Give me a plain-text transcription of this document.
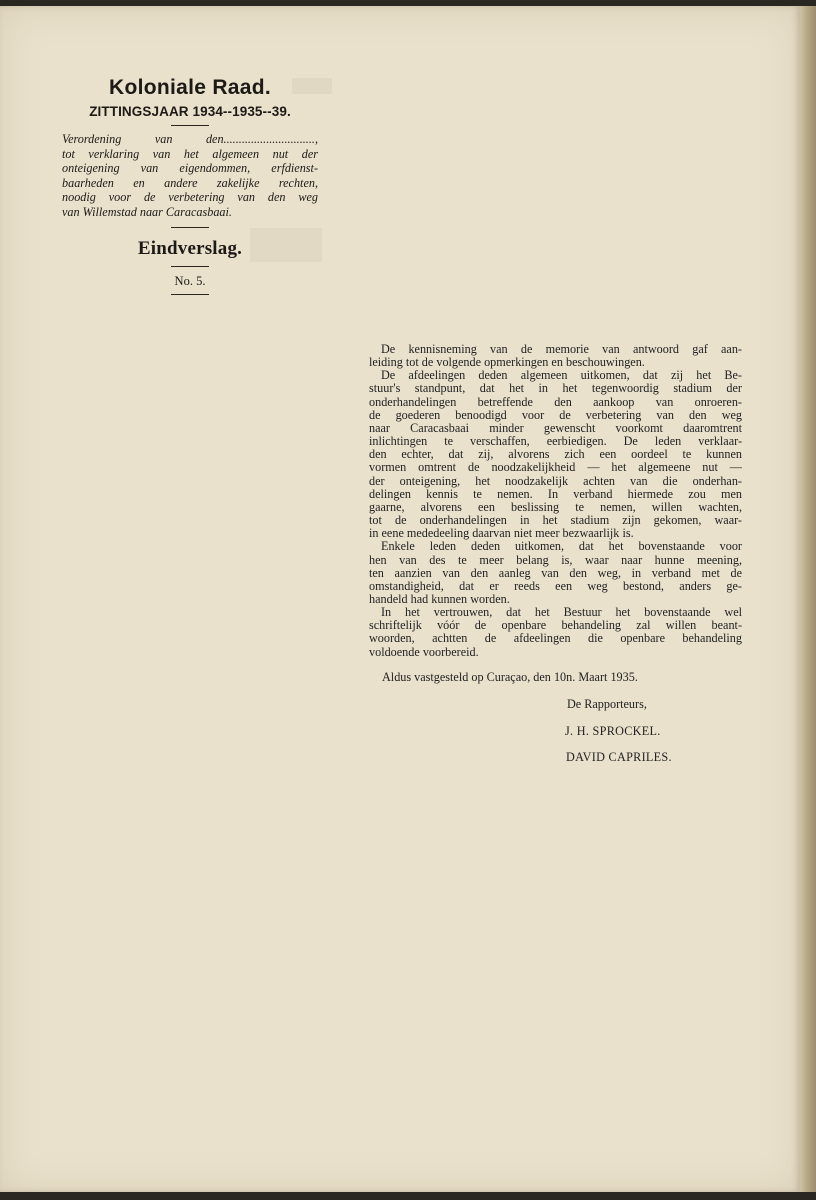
Koloniale Raad.
ZITTINGSJAAR 1934--1935--39.
Verordening van den..............................,
tot verklaring van het algemeen nut der
onteigening van eigendommen, erfdienst-
baarheden en andere zakelijke rechten,
noodig voor de verbetering van den weg
van Willemstad naar Caracasbaai.
Eindverslag.
No. 5.
De kennisneming van de memorie van antwoord gaf aan-
leiding tot de volgende opmerkingen en beschouwingen.
De afdeelingen deden algemeen uitkomen, dat zij het Be-
stuur's standpunt, dat het in het tegenwoordig stadium der
onderhandelingen betreffende den aankoop van onroeren-
de goederen benoodigd voor de verbetering van den weg
naar Caracasbaai minder gewenscht voorkomt daaromtrent
inlichtingen te verschaffen, eerbiedigen. De leden verklaar-
den echter, dat zij, alvorens zich een oordeel te kunnen
vormen omtrent de noodzakelijkheid — het algemeene nut —
der onteigening, het noodzakelijk achten van die onderhan-
delingen kennis te nemen. In verband hiermede zou men
gaarne, alvorens een beslissing te nemen, willen wachten,
tot de onderhandelingen in het stadium zijn gekomen, waar-
in eene mededeeling daarvan niet meer bezwaarlijk is.
Enkele leden deden uitkomen, dat het bovenstaande voor
hen van des te meer belang is, waar naar hunne meening,
ten aanzien van den aanleg van den weg, in verband met de
omstandigheid, dat er reeds een weg bestond, anders ge-
handeld had kunnen worden.
In het vertrouwen, dat het Bestuur het bovenstaande wel
schriftelijk vóór de openbare behandeling zal willen beant-
woorden, achtten de afdeelingen die openbare behandeling
voldoende voorbereid.
Aldus vastgesteld op Curaçao, den 10n. Maart 1935.
De Rapporteurs,
J. H. SPROCKEL.
DAVID CAPRILES.
